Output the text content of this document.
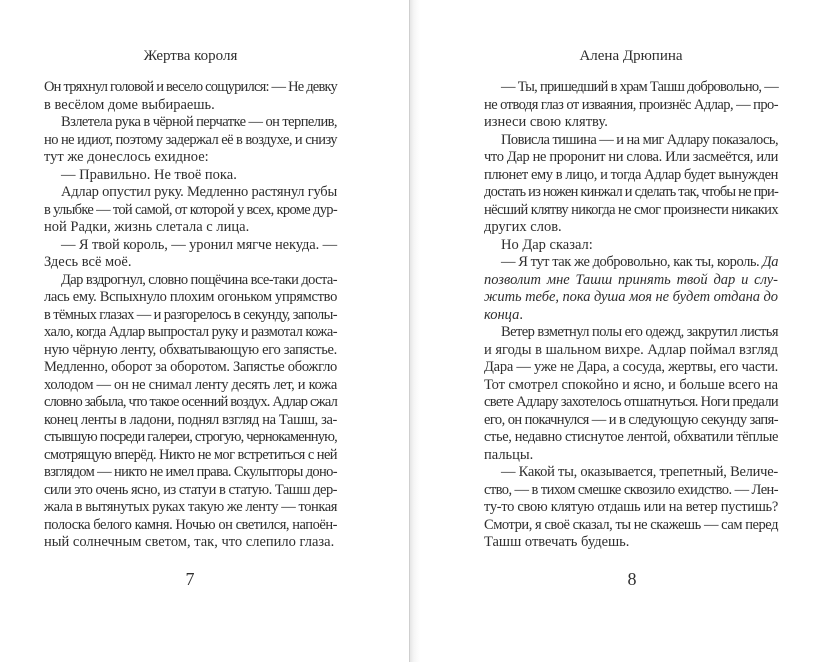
Жертва короля
Он тряхнул головой и весело сощурился: — Не девку
в весёлом доме выбираешь.
Взлетела рука в чёрной перчатке — он терпелив,
но не идиот, поэтому задержал её в воздухе, и снизу
тут же донеслось ехидное:
— Правильно. Не твоё пока.
Адлар опустил руку. Медленно растянул губы
в улыбке — той самой, от которой у всех, кроме дур-
ной Радки, жизнь слетала с лица.
— Я твой король, — уронил мягче некуда. —
Здесь всё моё.
Дар вздрогнул, словно пощёчина все-таки доста-
лась ему. Вспыхнуло плохим огоньком упрямство
в тёмных глазах — и разгорелось в секунду, заполы-
хало, когда Адлар выпростал руку и размотал кожа-
ную чёрную ленту, обхватывающую его запястье.
Медленно, оборот за оборотом. Запястье обожгло
холодом — он не снимал ленту десять лет, и кожа
словно забыла, что такое осенний воздух. Адлар сжал
конец ленты в ладони, поднял взгляд на Ташш, за-
стывшую посреди галереи, строгую, чернокаменную,
смотрящую вперёд. Никто не мог встретиться с ней
взглядом — никто не имел права. Скульпторы доно-
сили это очень ясно, из статуи в статую. Ташш дер-
жала в вытянутых руках такую же ленту — тонкая
полоска белого камня. Ночью он светился, напоён-
ный солнечным светом, так, что слепило глаза.
7
Алена Дрюпина
— Ты, пришедший в храм Ташш добровольно, —
не отводя глаз от изваяния, произнёс Адлар, — про-
изнеси свою клятву.
Повисла тишина — и на миг Адлару показалось,
что Дар не проронит ни слова. Или засмеётся, или
плюнет ему в лицо, и тогда Адлар будет вынужден
достать из ножен кинжал и сделать так, чтобы не при-
нёсший клятву никогда не смог произнести никаких
других слов.
Но Дар сказал:
— Я тут так же добровольно, как ты, король. Да
позволит мне Ташш принять твой дар и слу-
жить тебе, пока душа моя не будет отдана до
конца.
Ветер взметнул полы его одежд, закрутил листья
и ягоды в шальном вихре. Адлар поймал взгляд
Дара — уже не Дара, а сосуда, жертвы, его части.
Тот смотрел спокойно и ясно, и больше всего на
свете Адлару захотелось отшатнуться. Ноги предали
его, он покачнулся — и в следующую секунду запя-
стье, недавно стиснутое лентой, обхватили тёплые
пальцы.
— Какой ты, оказывается, трепетный, Величе-
ство, — в тихом смешке сквозило ехидство. — Лен-
ту-то свою клятую отдашь или на ветер пустишь?
Смотри, я своё сказал, ты не скажешь — сам перед
Ташш отвечать будешь.
8
